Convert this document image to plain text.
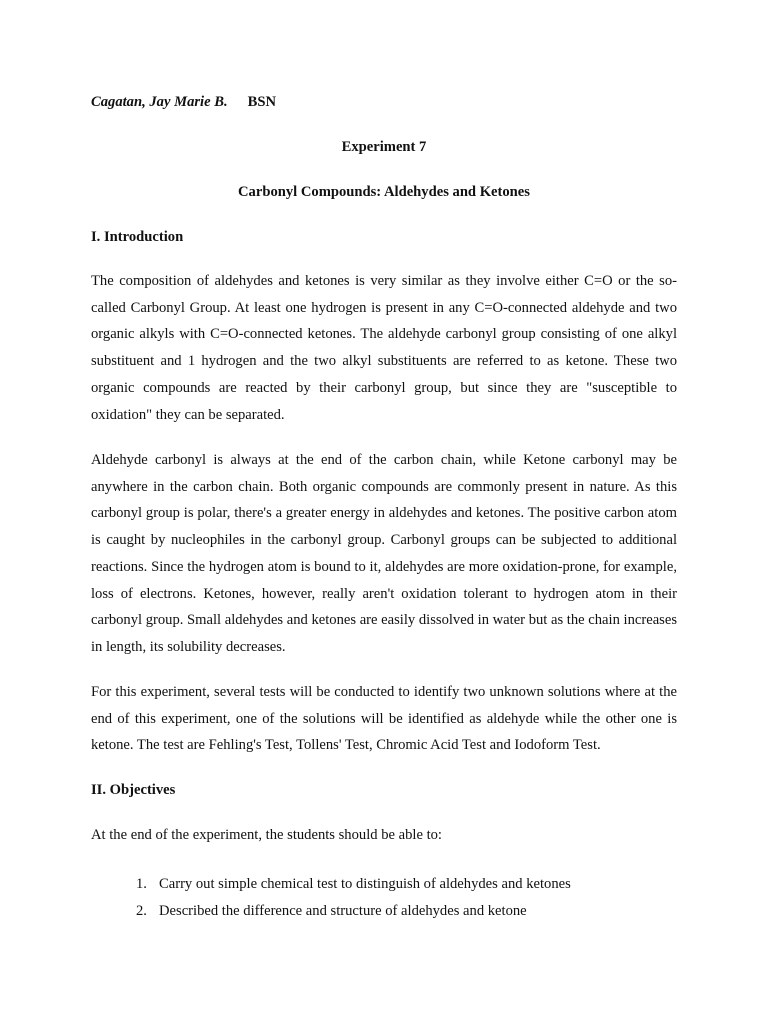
Cagatan, Jay Marie B. BSN
Experiment 7
Carbonyl Compounds: Aldehydes and Ketones
I. Introduction
The composition of aldehydes and ketones is very similar as they involve either C=O or the so-called Carbonyl Group. At least one hydrogen is present in any C=O-connected aldehyde and two organic alkyls with C=O-connected ketones. The aldehyde carbonyl group consisting of one alkyl substituent and 1 hydrogen and the two alkyl substituents are referred to as ketone. These two organic compounds are reacted by their carbonyl group, but since they are "susceptible to oxidation" they can be separated.
Aldehyde carbonyl is always at the end of the carbon chain, while Ketone carbonyl may be anywhere in the carbon chain. Both organic compounds are commonly present in nature. As this carbonyl group is polar, there's a greater energy in aldehydes and ketones. The positive carbon atom is caught by nucleophiles in the carbonyl group. Carbonyl groups can be subjected to additional reactions. Since the hydrogen atom is bound to it, aldehydes are more oxidation-prone, for example, loss of electrons. Ketones, however, really aren't oxidation tolerant to hydrogen atom in their carbonyl group. Small aldehydes and ketones are easily dissolved in water but as the chain increases in length, its solubility decreases.
For this experiment, several tests will be conducted to identify two unknown solutions where at the end of this experiment, one of the solutions will be identified as aldehyde while the other one is ketone. The test are Fehling's Test, Tollens' Test, Chromic Acid Test and Iodoform Test.
II. Objectives
At the end of the experiment, the students should be able to:
1. Carry out simple chemical test to distinguish of aldehydes and ketones
2. Described the difference and structure of aldehydes and ketone
